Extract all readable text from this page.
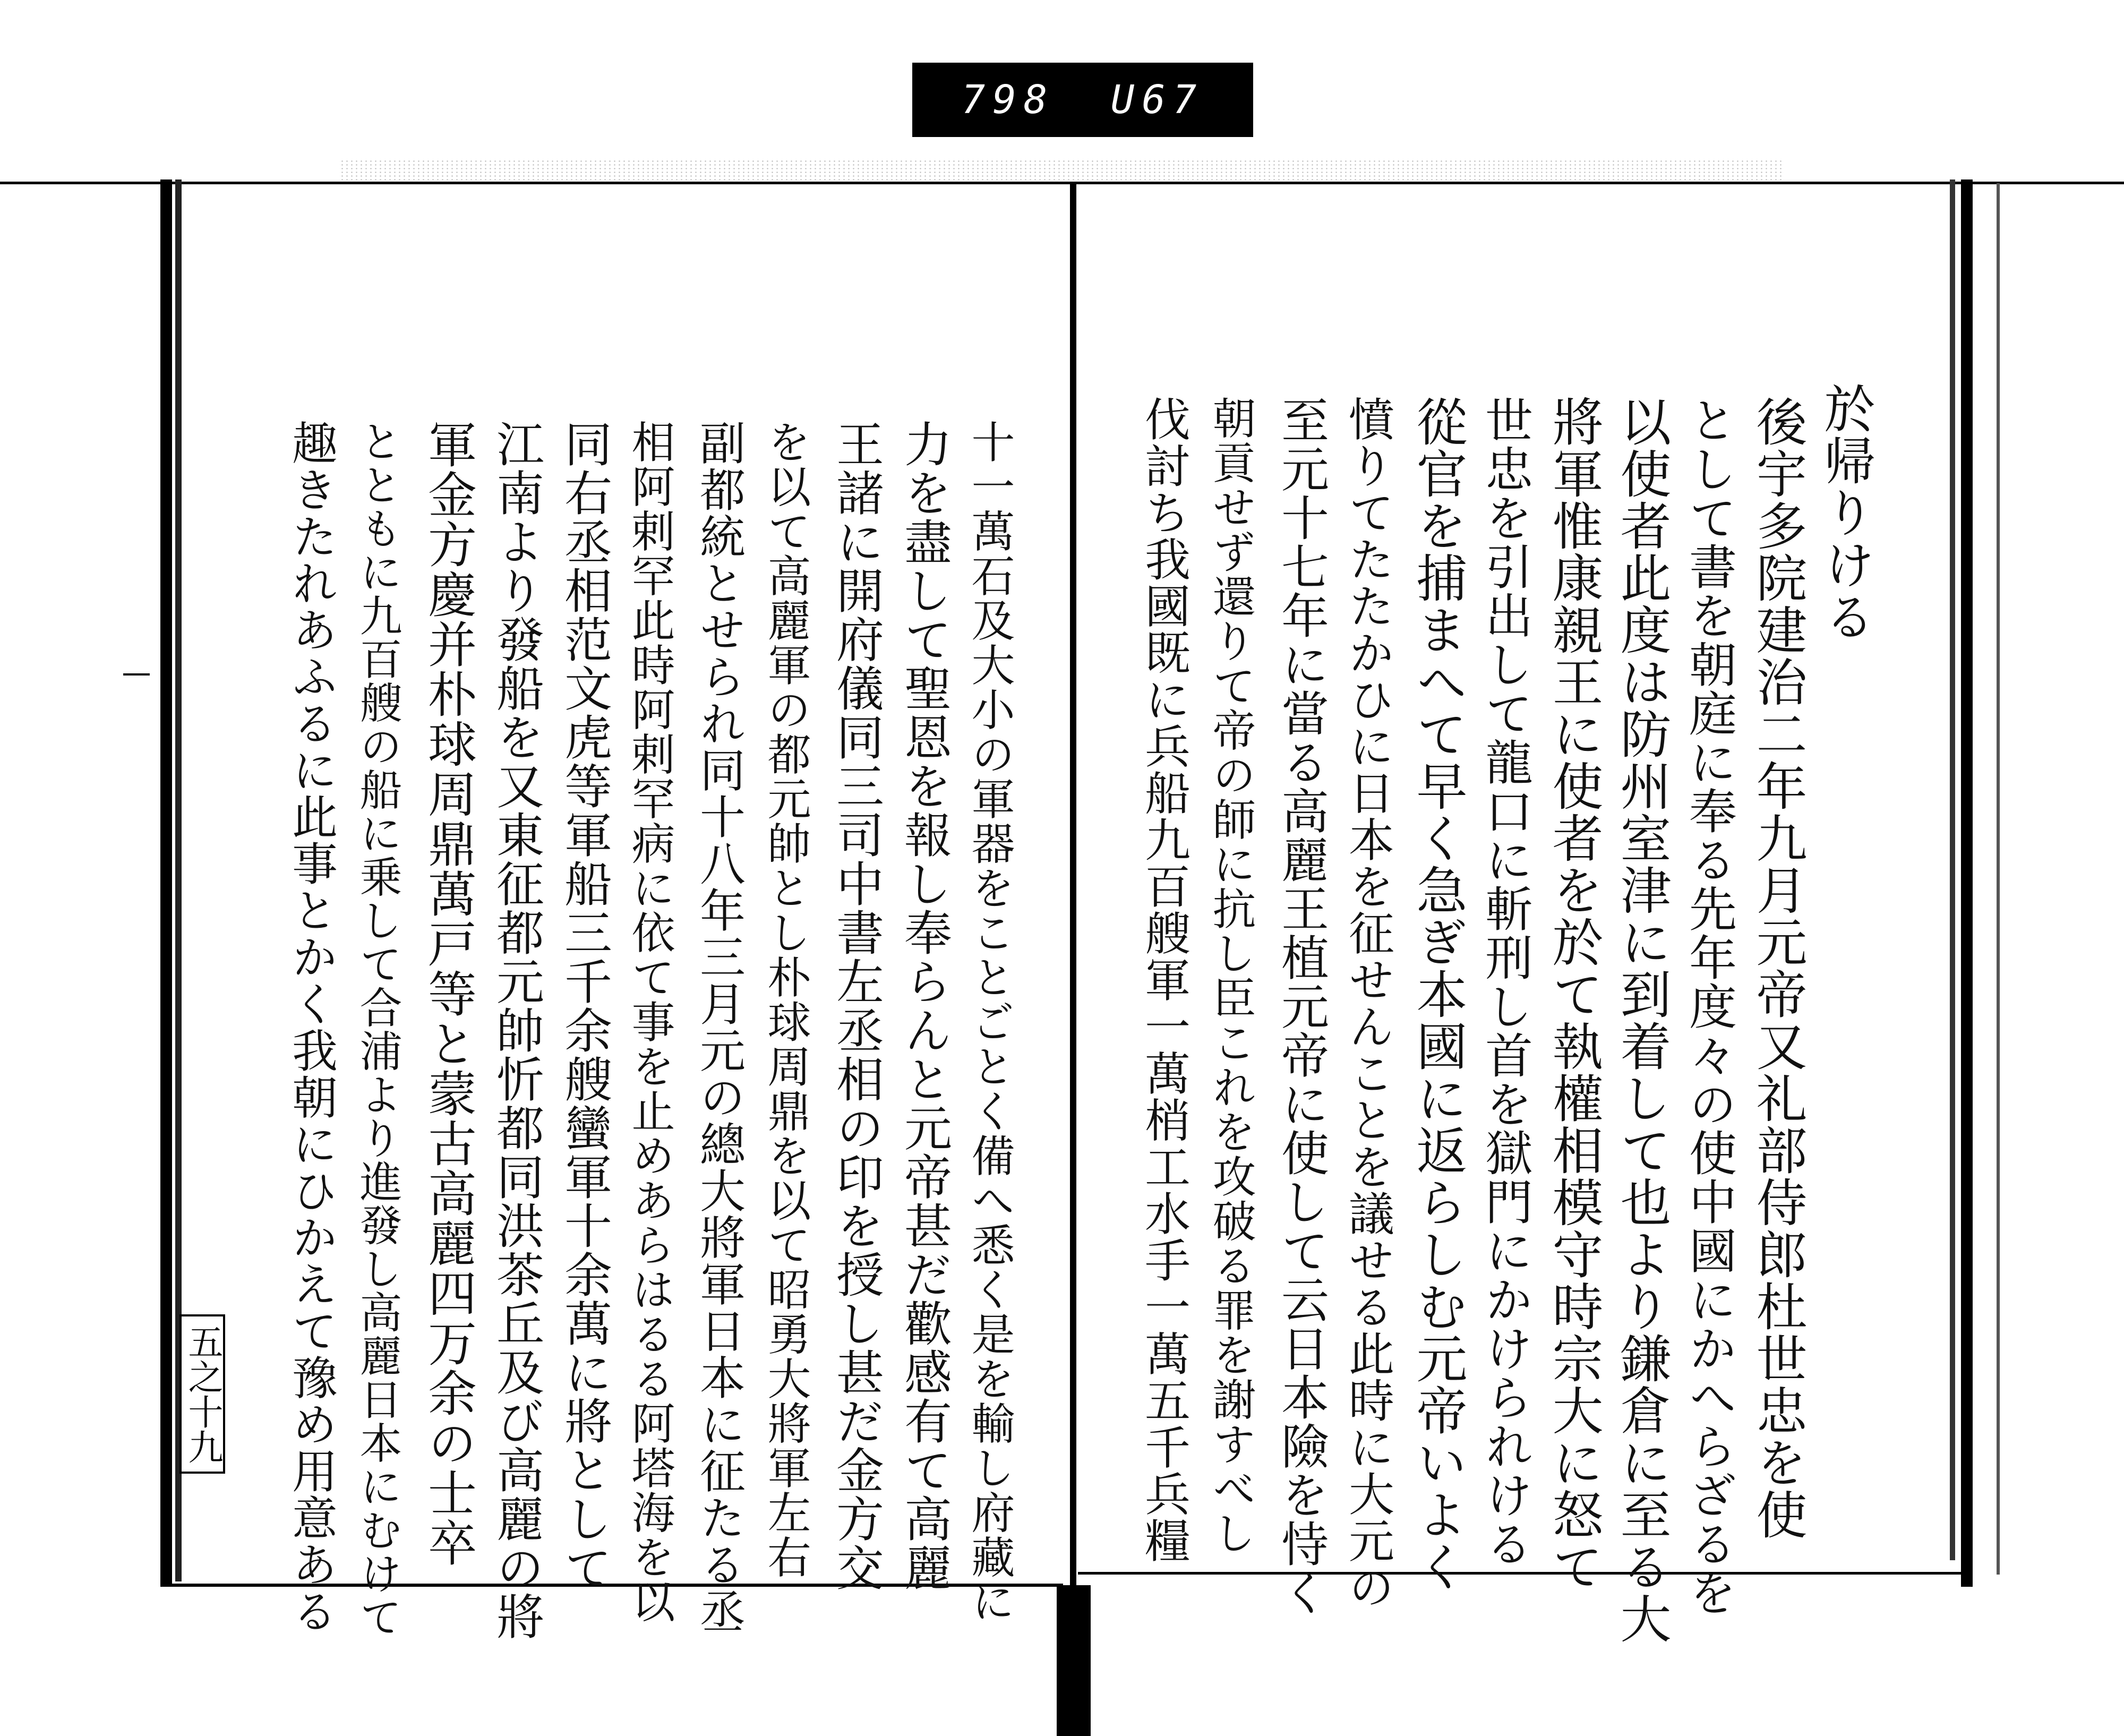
798 U67
於帰りける
後宇多院建治二年九月元帝又礼部侍郎杜世忠を使
として書を朝庭に奉る先年度々の使中國にかへらざるを
以使者此度は防州室津に到着して也より鎌倉に至る大
將軍惟康親王に使者を於て執權相模守時宗大に怒て
世忠を引出して龍口に斬刑し首を獄門にかけられける
從官を捕まへて早く急ぎ本國に返らしむ元帝いよく
憤りてたたかひに日本を征せんことを議せる此時に大元の
至元十七年に當る高麗王植元帝に使して云日本險を恃く
朝貢せず還りて帝の師に抗し臣これを攻破る罪を謝すべし
伐討ち我國既に兵船九百艘軍一萬梢工水手一萬五千兵糧
十一萬石及大小の軍器をことごとく備へ悉く是を輸し府藏に
力を盡して聖恩を報し奉らんと元帝甚だ歡感有て高麗
王諸に開府儀同三司中書左丞相の印を授し甚だ金方交
を以て高麗軍の都元帥とし朴球周鼎を以て昭勇大將軍左右
副都統とせられ同十八年三月元の總大將軍日本に征たる丞
相阿剌罕此時阿剌罕病に依て事を止めあらはるる阿塔海を以
同右丞相范文虎等軍船三千余艘蠻軍十余萬に將として
江南より發船を又東征都元帥忻都同洪茶丘及び高麗の將
軍金方慶并朴球周鼎萬戸等と蒙古高麗四万余の士卒
とともに九百艘の船に乗して合浦より進發し高麗日本にむけて
趣きたれあふるに此事とかく我朝にひかえて豫め用意ある
五之十九
